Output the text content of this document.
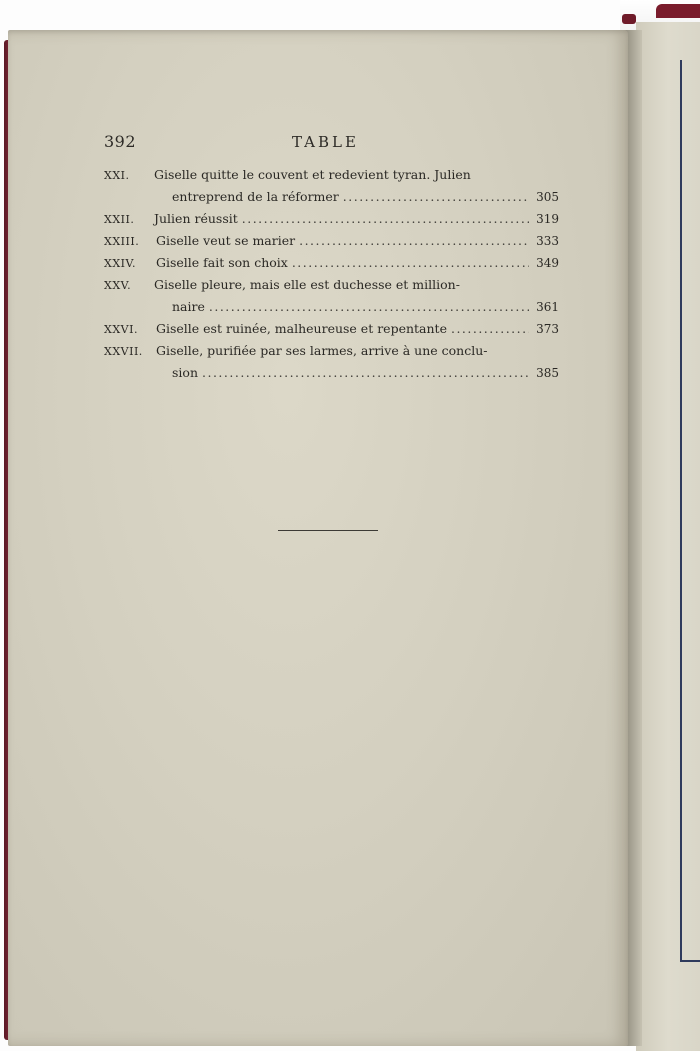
392	TABLE
XXI.	Giselle quitte le couvent et redevient tyran. Julien
entreprend de la réformer .....	305
XXII.	Julien réussit .....	319
XXIII.	Giselle veut se marier .....	333
XXIV.	Giselle fait son choix .....	349
XXV.	Giselle pleure, mais elle est duchesse et million-
naire .....	361
XXVI.	Giselle est ruinée, malheureuse et repentante .....	373
XXVII.	Giselle, purifiée par ses larmes, arrive à une conclu-
sion .....	385
